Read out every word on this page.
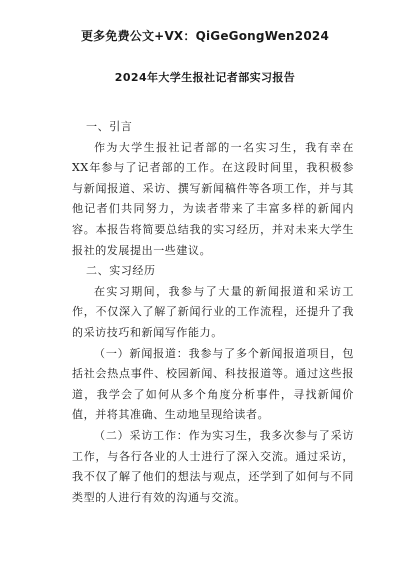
更多免费公文+VX：QiGeGongWen2024
2024年大学生报社记者部实习报告

一、引言

作为大学生报社记者部的一名实习生，我有幸在XX年参与了记者部的工作。在这段时间里，我积极参与新闻报道、采访、撰写新闻稿件等各项工作，并与其他记者们共同努力，为读者带来了丰富多样的新闻内容。本报告将简要总结我的实习经历，并对未来大学生报社的发展提出一些建议。

二、实习经历

在实习期间，我参与了大量的新闻报道和采访工作，不仅深入了解了新闻行业的工作流程，还提升了我的采访技巧和新闻写作能力。

（一）新闻报道：我参与了多个新闻报道项目，包括社会热点事件、校园新闻、科技报道等。通过这些报道，我学会了如何从多个角度分析事件，寻找新闻价值，并将其准确、生动地呈现给读者。

（二）采访工作：作为实习生，我多次参与了采访工作，与各行各业的人士进行了深入交流。通过采访，我不仅了解了他们的想法与观点，还学到了如何与不同类型的人进行有效的沟通与交流。
